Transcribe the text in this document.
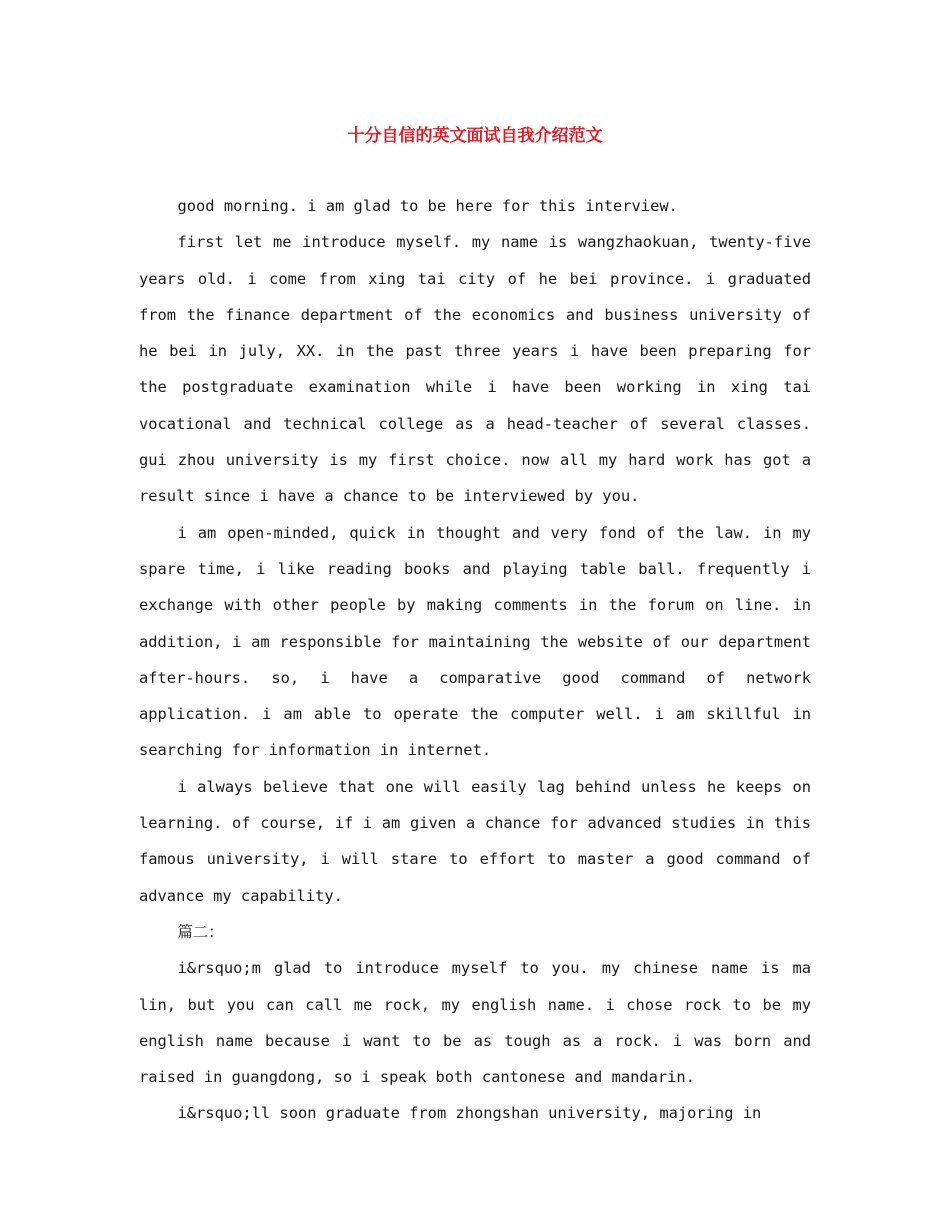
十分自信的英文面试自我介绍范文

good morning. i am glad to be here for this interview.

first let me introduce myself. my name is wangzhaokuan, twenty-five years old. i come from xing tai city of he bei province. i graduated from the finance department of the economics and business university of he bei in july, XX. in the past three years i have been preparing for the postgraduate examination while i have been working in xing tai vocational and technical college as a head-teacher of several classes. gui zhou university is my first choice. now all my hard work has got a result since i have a chance to be interviewed by you.

i am open-minded, quick in thought and very fond of the law. in my spare time, i like reading books and playing table ball. frequently i exchange with other people by making comments in the forum on line. in addition, i am responsible for maintaining the website of our department after-hours. so, i have a comparative good command of network application. i am able to operate the computer well. i am skillful in searching for information in internet.

i always believe that one will easily lag behind unless he keeps on learning. of course, if i am given a chance for advanced studies in this famous university, i will stare to effort to master a good command of advance my capability.

篇二：

i&rsquo;m glad to introduce myself to you. my chinese name is ma lin, but you can call me rock, my english name. i chose rock to be my english name because i want to be as tough as a rock. i was born and raised in guangdong, so i speak both cantonese and mandarin.

i&rsquo;ll soon graduate from zhongshan university, majoring in
